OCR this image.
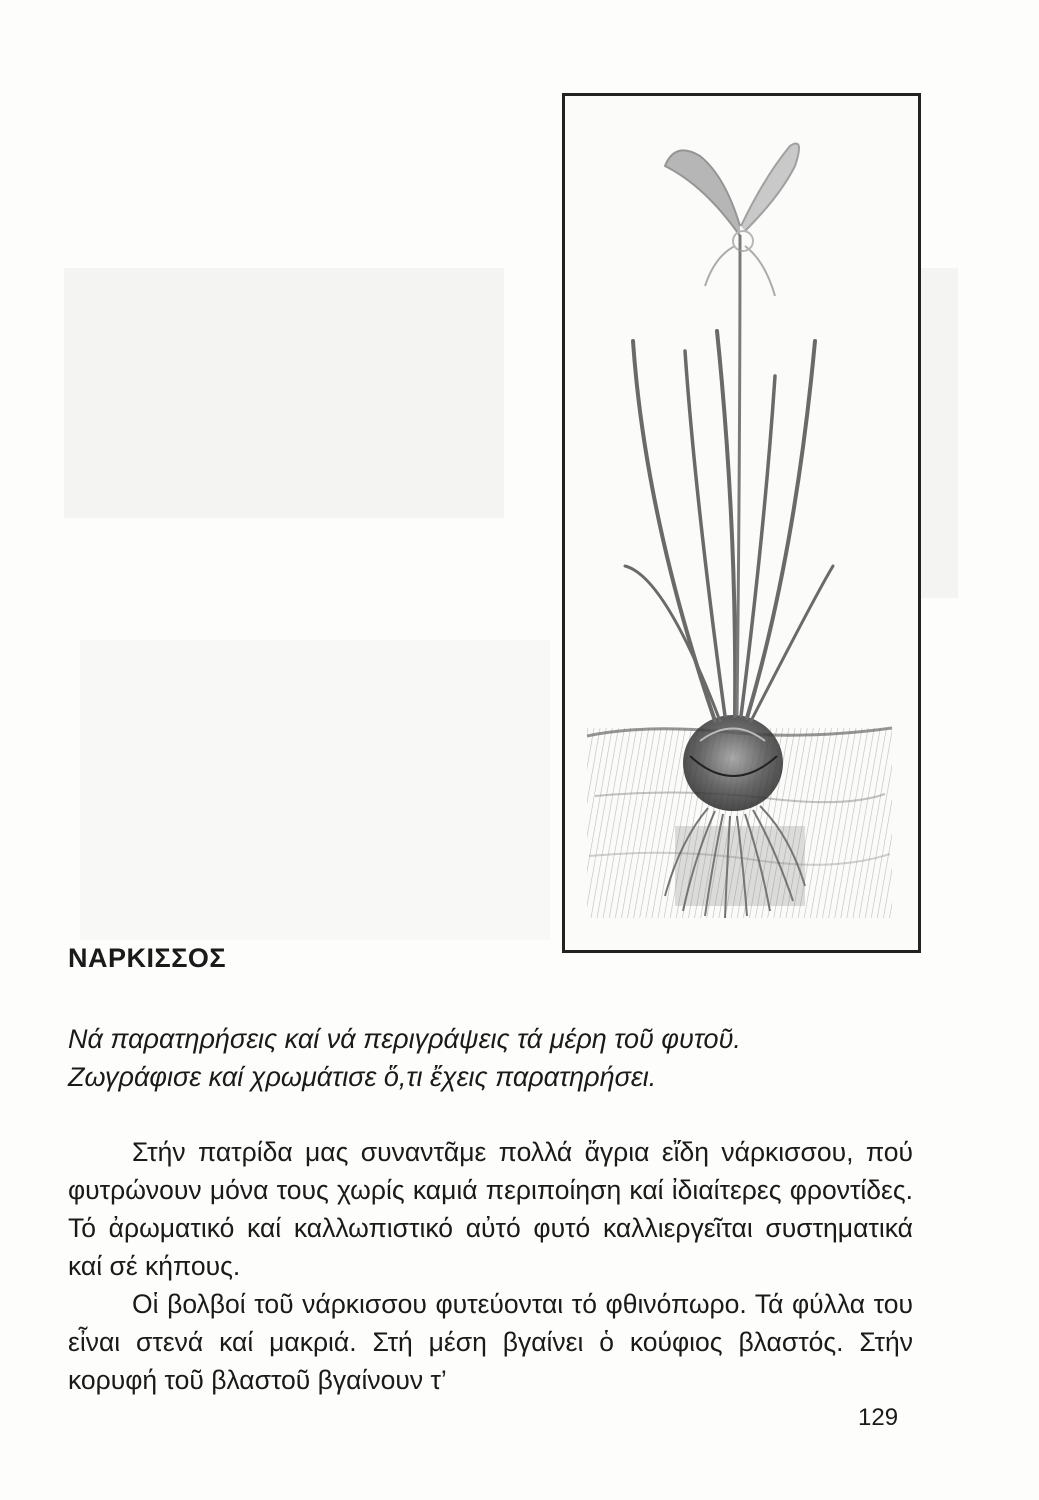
ΝΑΡΚΙΣΣΟΣ
Νά παρατηρήσεις καί νά περιγράψεις τά μέρη τοῦ φυτοῦ.
Ζωγράφισε καί χρωμάτισε ὅ,τι ἔχεις παρατηρήσει.

Στήν πατρίδα μας συναντᾶμε πολλά ἄγρια εἴδη νάρκισσου, πού φυτρώνουν μόνα τους χωρίς καμιά περιποίηση καί ἰδιαίτερες φροντίδες. Τό ἀρωματικό καί καλλωπιστικό αὐτό φυτό καλλιεργεῖται συστηματικά καί σέ κήπους.

Οἱ βολβοί τοῦ νάρκισσου φυτεύονται τό φθινόπωρο. Τά φύλλα του εἶναι στενά καί μακριά. Στή μέση βγαίνει ὁ κούφιος βλαστός. Στήν κορυφή τοῦ βλαστοῦ βγαίνουν τ’

129
